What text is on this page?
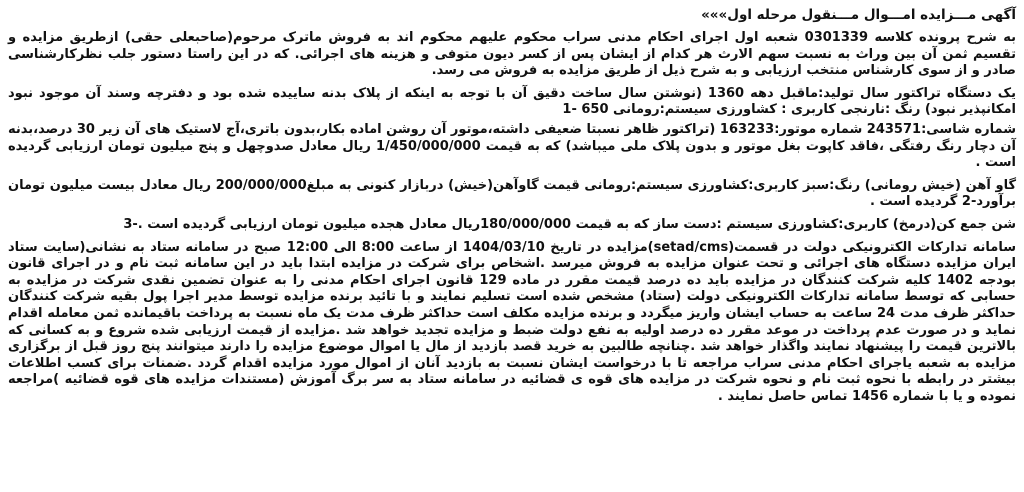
آگهی مـــزایده امـــوال مـــنقول مرحله اول»»»
به شرح پرونده کلاسه 0301339 شعبه اول اجرای احکام مدنی سراب محکوم علیهم محکوم اند به فروش ماترک مرحوم(صاحبعلی حقی) ازطریق مزایده و تقسیم ثمن آن بین وراث به نسبت سهم الارث هر کدام از ایشان پس از کسر دیون متوفی و هزینه های اجرائی. که در این راستا دستور جلب نظرکارشناسی صادر و از سوی کارشناس منتخب ارزیابی و به شرح ذیل از طریق مزایده به فروش می رسد.
یک دستگاه تراکتور سال تولید:ماقبل دهه 1360 (نوشتن سال ساخت دقیق آن با توجه به اینکه از پلاک بدنه ساییده شده بود و دفترچه وسند آن موجود نبود امکانپذیر نبود) رنگ :نارنجی کاربری : کشاورزی سیستم:رومانی 650 -1
شماره شاسی:243571 شماره موتور:163233 (تراکتور ظاهر نسبتا ضعیفی داشته،موتور آن روشن اماده بکار،بدون باتری،آج لاستیک های آن زیر 30 درصد،بدنه آن دچار رنگ رفتگی ،فاقد کاپوت بغل موتور و بدون پلاک ملی میباشد) که به قیمت 1/450/000/000 ریال معادل صدوچهل و پنج میلیون تومان ارزیابی گردیده است .
گاو آهن (خیش رومانی) رنگ:سبز کاربری:کشاورزی سیستم:رومانی قیمت گاوآهن(خیش) دربازار کنونی به مبلغ200/000/000 ریال معادل بیست میلیون تومان برآورد-2 گردیده است .
شن جمع کن(درمخ) کاربری:کشاورزی سیستم :دست ساز که به قیمت 180/000/000ریال معادل هجده میلیون تومان ارزیابی گردیده است .-3
سامانه تدارکات الکترونیکی دولت در قسمت(setad/cms)مزایده در تاریخ 1404/03/10 از ساعت 8:00 الی 12:00 صبح در سامانه ستاد به نشانی(سایت ستاد ایران مزایده دستگاه های اجرائی و تحت عنوان مزایده به فروش میرسد .اشخاص برای شرکت در مزایده ابتدا باید در این سامانه ثبت نام و در اجرای قانون بودجه 1402 کلیه شرکت کنندگان در مزایده باید ده درصد قیمت مقرر در ماده 129 قانون اجرای احکام مدنی را به عنوان تضمین نقدی شرکت در مزایده به حسابی که توسط سامانه تدارکات الکترونیکی دولت (ستاد) مشخص شده است تسلیم نمایند و با تائید برنده مزایده توسط مدیر اجرا پول بقیه شرکت کنندگان حداکثر ظرف مدت 24 ساعت به حساب ایشان واریز میگردد و برنده مزایده مکلف است حداکثر ظرف مدت یک ماه نسبت به پرداخت باقیمانده ثمن معامله اقدام نماید و در صورت عدم پرداخت در موعد مقرر ده درصد اولیه به نفع دولت ضبط و مزایده تجدید خواهد شد .مزایده از قیمت ارزیابی شده شروع و به کسانی که بالاترین قیمت را پیشنهاد نمایند واگذار خواهد شد .چنانچه طالبین به خرید قصد بازدید از مال یا اموال موضوع مزایده را دارند میتوانند پنج روز قبل از برگزاری مزایده به شعبه یاجرای احکام مدنی سراب مراجعه تا با درخواست ایشان نسبت به بازدید آنان از اموال مورد مزایده اقدام گردد .ضمنات برای کسب اطلاعات بیشتر در رابطه با نحوه ثبت نام و نحوه شرکت در مزایده های قوه ی قضائیه در سامانه ستاد به سر برگ آموزش (مستندات مزایده های قوه قضائیه )مراجعه نموده و یا با شماره 1456 تماس حاصل نمایند .
